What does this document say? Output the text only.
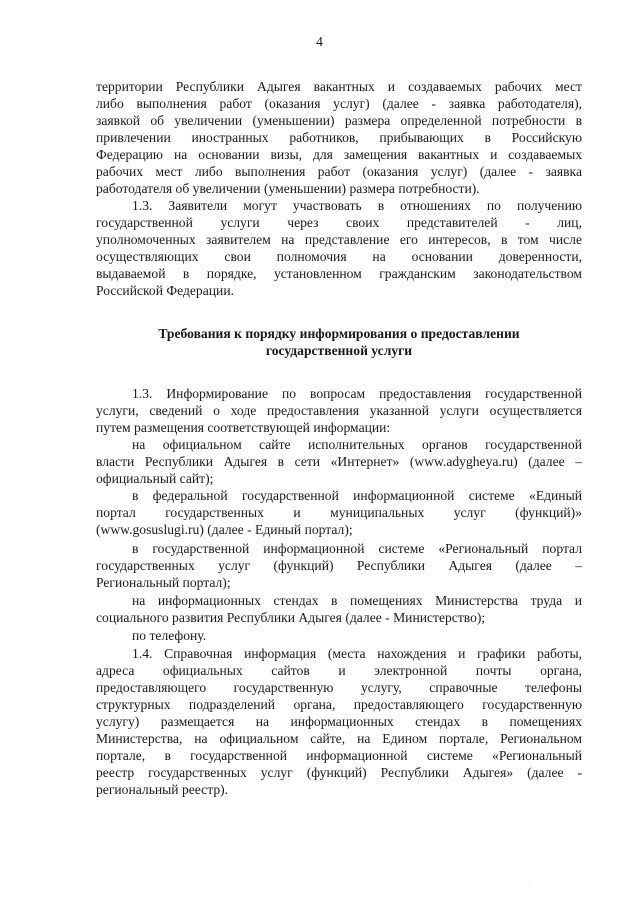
4
территории Республики Адыгея вакантных и создаваемых рабочих мест
либо выполнения работ (оказания услуг) (далее - заявка работодателя),
заявкой об увеличении (уменьшении) размера определенной потребности в
привлечении иностранных работников, прибывающих в Российскую
Федерацию на основании визы, для замещения вакантных и создаваемых
рабочих мест либо выполнения работ (оказания услуг) (далее - заявка
работодателя об увеличении (уменьшении) размера потребности).
1.3. Заявители могут участвовать в отношениях по получению
государственной услуги через своих представителей - лиц,
уполномоченных заявителем на представление его интересов, в том числе
осуществляющих свои полномочия на основании доверенности,
выдаваемой в порядке, установленном гражданским законодательством
Российской Федерации.
Требования к порядку информирования о предоставлении
государственной услуги
1.3. Информирование по вопросам предоставления государственной
услуги, сведений о ходе предоставления указанной услуги осуществляется
путем размещения соответствующей информации:
на официальном сайте исполнительных органов государственной
власти Республики Адыгея в сети «Интернет» (www.adygheya.ru) (далее –
официальный сайт);
в федеральной государственной информационной системе «Единый
портал государственных и муниципальных услуг (функций)»
(www.gosuslugi.ru) (далее - Единый портал);
в государственной информационной системе «Региональный портал
государственных услуг (функций) Республики Адыгея (далее –
Региональный портал);
на информационных стендах в помещениях Министерства труда и
социального развития Республики Адыгея (далее - Министерство);
по телефону.
1.4. Справочная информация (места нахождения и графики работы,
адреса официальных сайтов и электронной почты органа,
предоставляющего государственную услугу, справочные телефоны
структурных подразделений органа, предоставляющего государственную
услугу) размещается на информационных стендах в помещениях
Министерства, на официальном сайте, на Едином портале, Региональном
портале, в государственной информационной системе «Региональный
реестр государственных услуг (функций) Республики Адыгея» (далее -
региональный реестр).
·
